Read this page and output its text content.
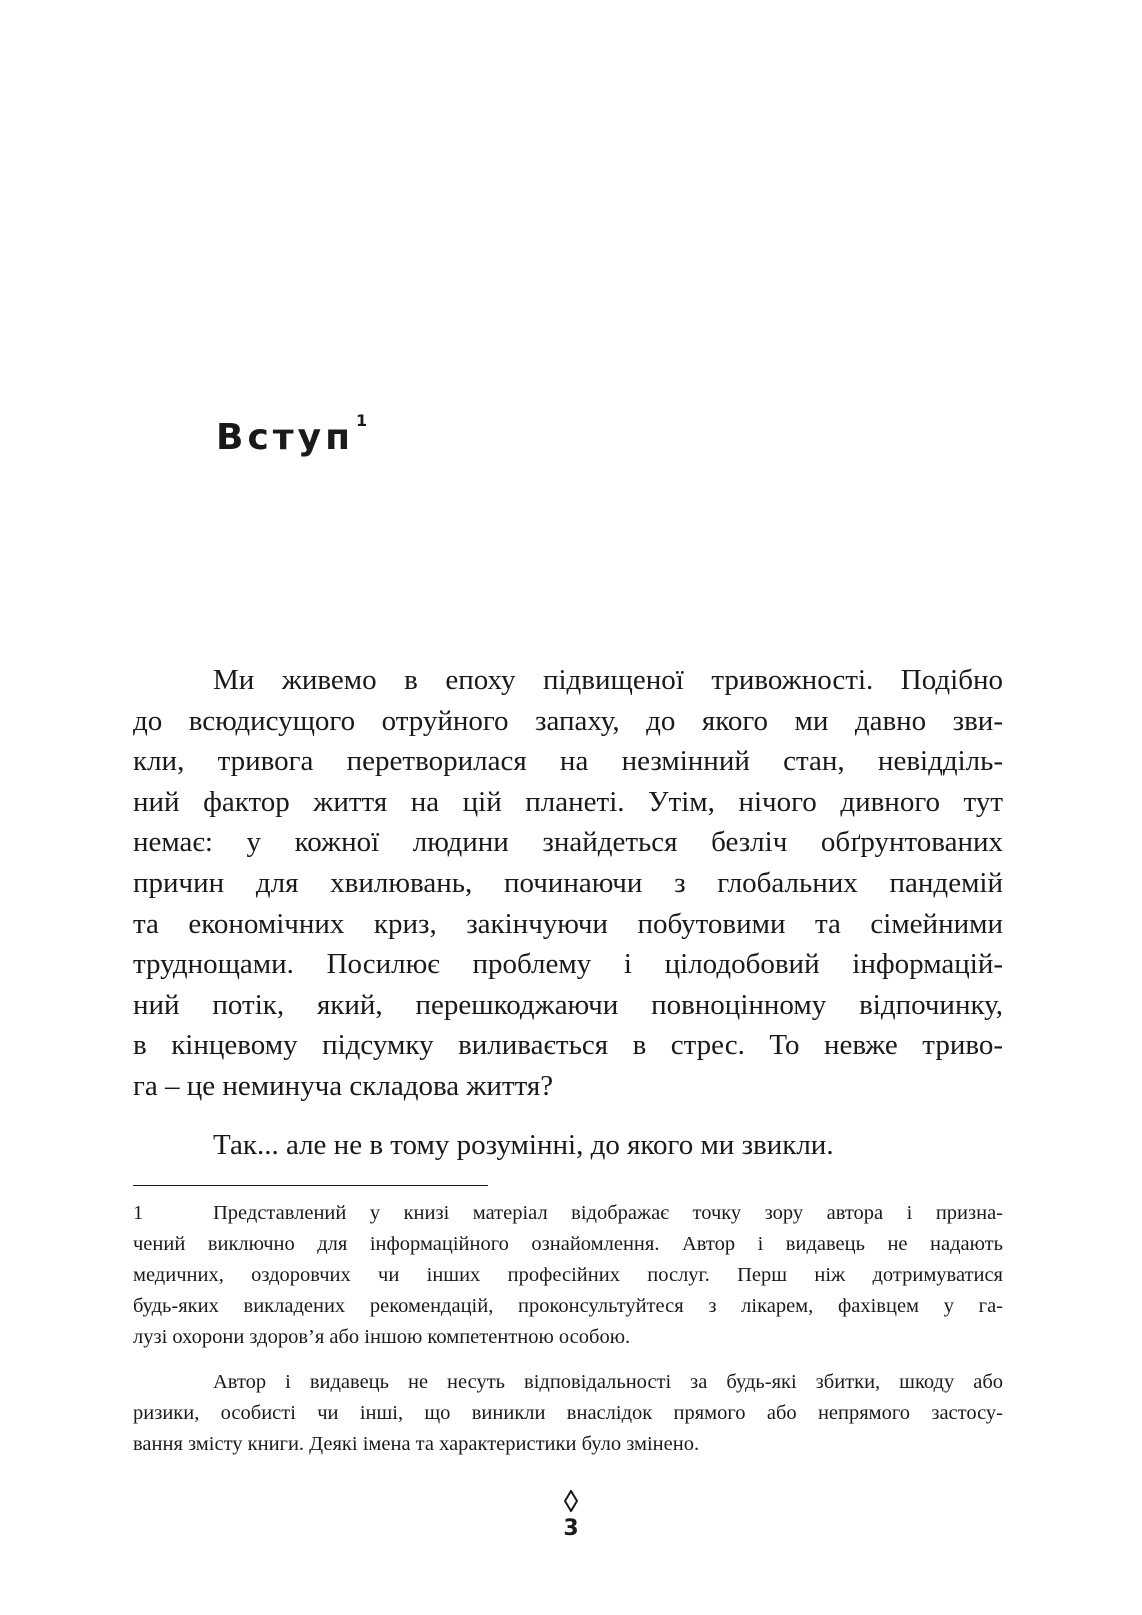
Вступ $^1$
Ми живемо в епоху підвищеної тривожності. Подібно
до всюдисущого отруйного запаху, до якого ми давно зви-
кли, тривога перетворилася на незмінний стан, невідділь-
ний фактор життя на цій планеті. Утім, нічого дивного тут
немає: у кожної людини знайдеться безліч обґрунтованих
причин для хвилювань, починаючи з глобальних пандемій
та економічних криз, закінчуючи побутовими та сімейними
труднощами. Посилює проблему і цілодобовий інформацій-
ний потік, який, перешкоджаючи повноцінному відпочинку,
в кінцевому підсумку виливається в стрес. То невже триво-
га – це неминуча складова життя?
Так... але не в тому розумінні, до якого ми звикли.
1	Представлений у книзі матеріал відображає точку зору автора і призна-
чений виключно для інформаційного ознайомлення. Автор і видавець не надають
медичних, оздоровчих чи інших професійних послуг. Перш ніж дотримуватися
будь-яких викладених рекомендацій, проконсультуйтеся з лікарем, фахівцем у га-
лузі охорони здоров’я або іншою компетентною особою.
Автор і видавець не несуть відповідальності за будь-які збитки, шкоду або
ризики, особисті чи інші, що виникли внаслідок прямого або непрямого застосу-
вання змісту книги. Деякі імена та характеристики було змінено.
3
